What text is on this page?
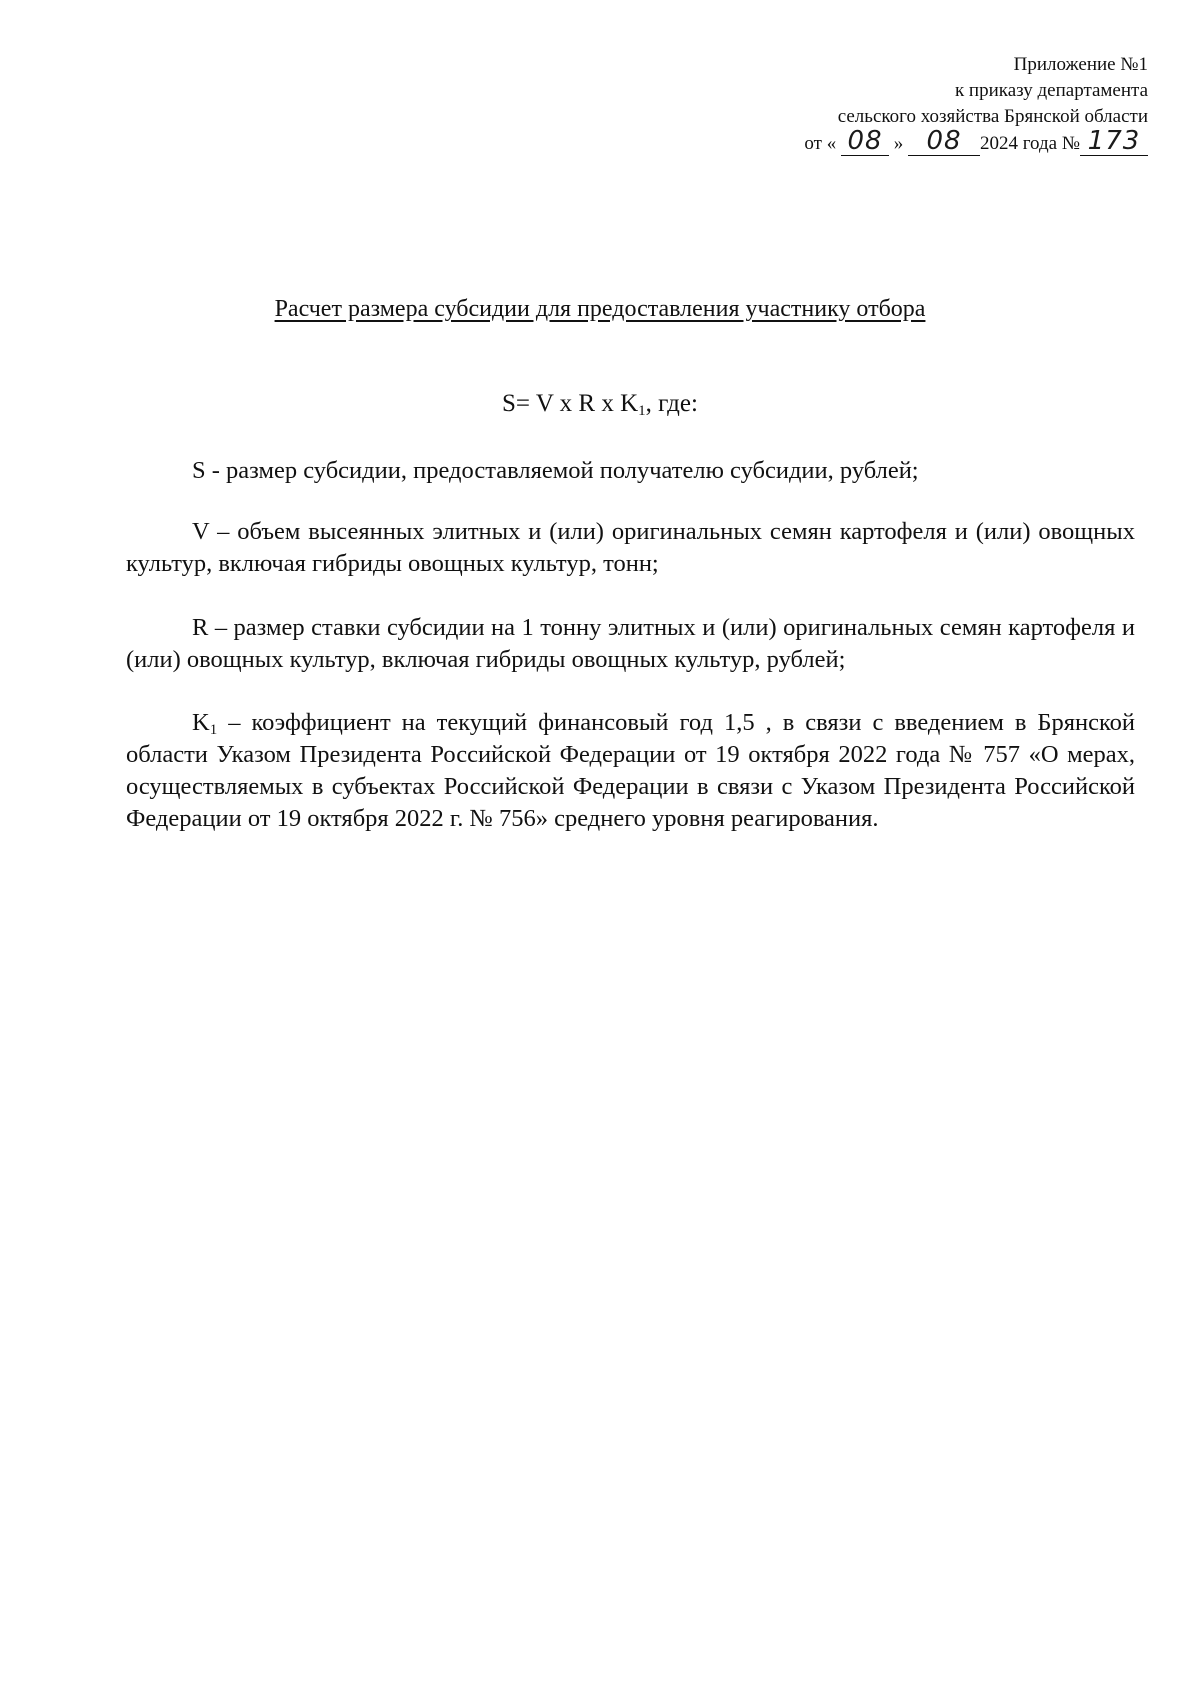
Приложение №1
к приказу департамента
сельского хозяйства Брянской области
от « 08 » 08 2024 года № 173
Расчет размера субсидии для предоставления участнику отбора
S= V x R x $K_1$, где:

S - размер субсидии, предоставляемой получателю субсидии, рублей;

V – объем высеянных элитных и (или) оригинальных семян картофеля и (или) овощных культур, включая гибриды овощных культур, тонн;

R – размер ставки субсидии на 1 тонну элитных и (или) оригинальных семян картофеля и (или) овощных культур, включая гибриды овощных культур, рублей;

$K_1$ – коэффициент на текущий финансовый год 1,5 , в связи с введением в Брянской области Указом Президента Российской Федерации от 19 октября 2022 года № 757 «О мерах, осуществляемых в субъектах Российской Федерации в связи с Указом Президента Российской Федерации от 19 октября 2022 г. № 756» среднего уровня реагирования.
